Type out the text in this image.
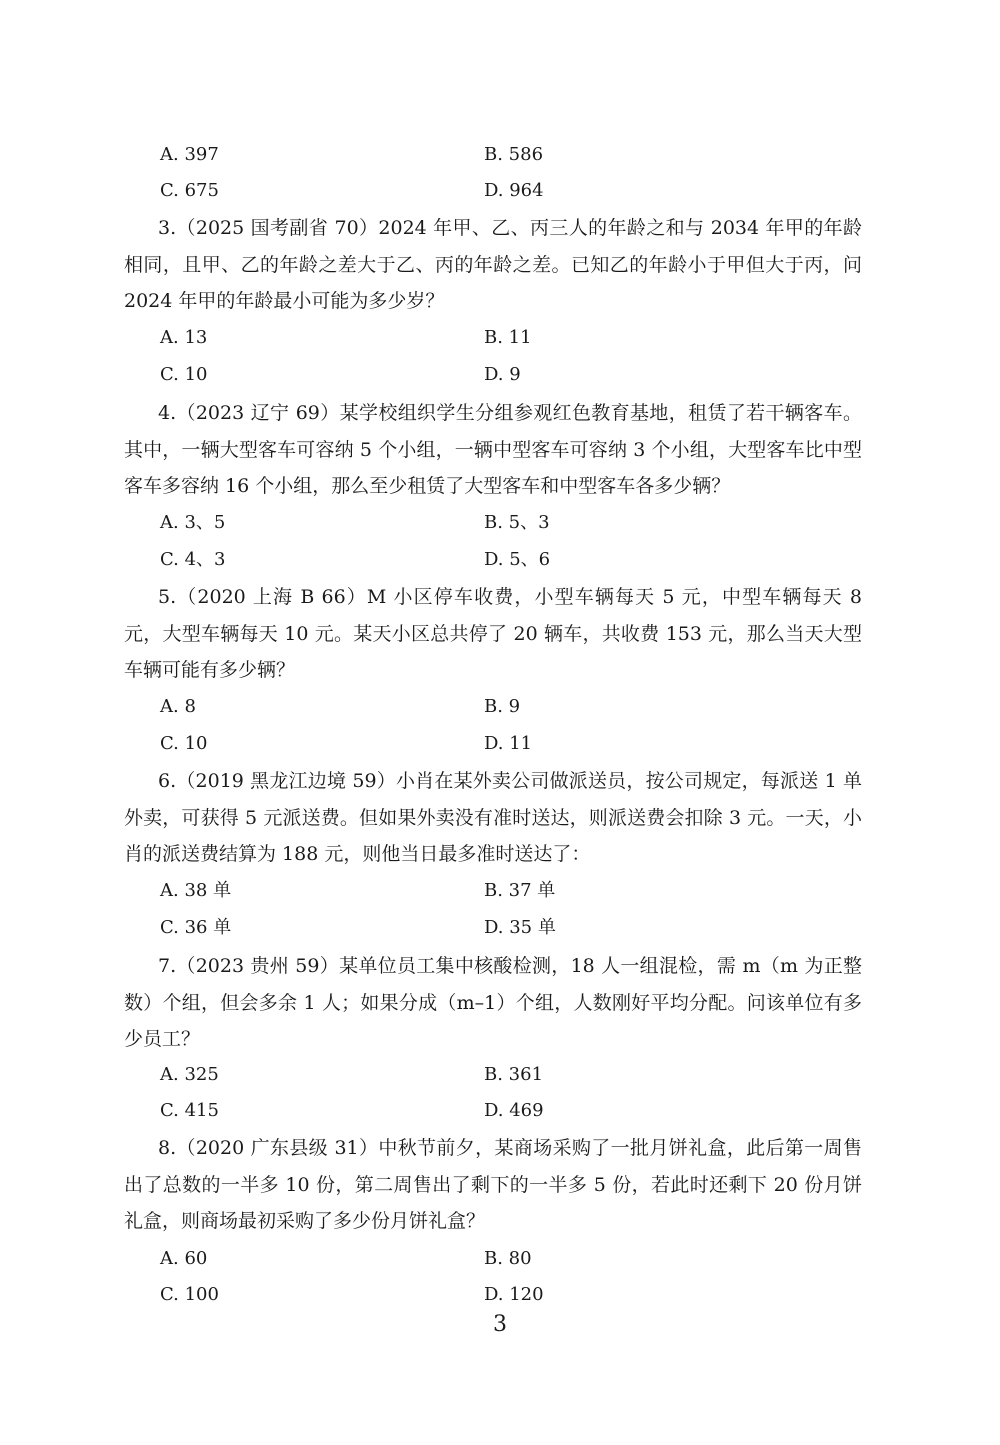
A. 397	B. 586
C. 675	D. 964
3.（2025 国考副省 70）2024 年甲、乙、丙三人的年龄之和与 2034 年甲的年龄相同，且甲、乙的年龄之差大于乙、丙的年龄之差。已知乙的年龄小于甲但大于丙，问 2024 年甲的年龄最小可能为多少岁？
A. 13	B. 11
C. 10	D. 9
4.（2023 辽宁 69）某学校组织学生分组参观红色教育基地，租赁了若干辆客车。其中，一辆大型客车可容纳 5 个小组，一辆中型客车可容纳 3 个小组，大型客车比中型客车多容纳 16 个小组，那么至少租赁了大型客车和中型客车各多少辆？
A. 3、5	B. 5、3
C. 4、3	D. 5、6
5.（2020 上海 B 66）M 小区停车收费，小型车辆每天 5 元，中型车辆每天 8 元，大型车辆每天 10 元。某天小区总共停了 20 辆车，共收费 153 元，那么当天大型车辆可能有多少辆？
A. 8	B. 9
C. 10	D. 11
6.（2019 黑龙江边境 59）小肖在某外卖公司做派送员，按公司规定，每派送 1 单外卖，可获得 5 元派送费。但如果外卖没有准时送达，则派送费会扣除 3 元。一天，小肖的派送费结算为 188 元，则他当日最多准时送达了：
A. 38 单	B. 37 单
C. 36 单	D. 35 单
7.（2023 贵州 59）某单位员工集中核酸检测，18 人一组混检，需 m（m 为正整数）个组，但会多余 1 人；如果分成（m–1）个组，人数刚好平均分配。问该单位有多少员工？
A. 325	B. 361
C. 415	D. 469
8.（2020 广东县级 31）中秋节前夕，某商场采购了一批月饼礼盒，此后第一周售出了总数的一半多 10 份，第二周售出了剩下的一半多 5 份，若此时还剩下 20 份月饼礼盒，则商场最初采购了多少份月饼礼盒？
A. 60	B. 80
C. 100	D. 120
3
